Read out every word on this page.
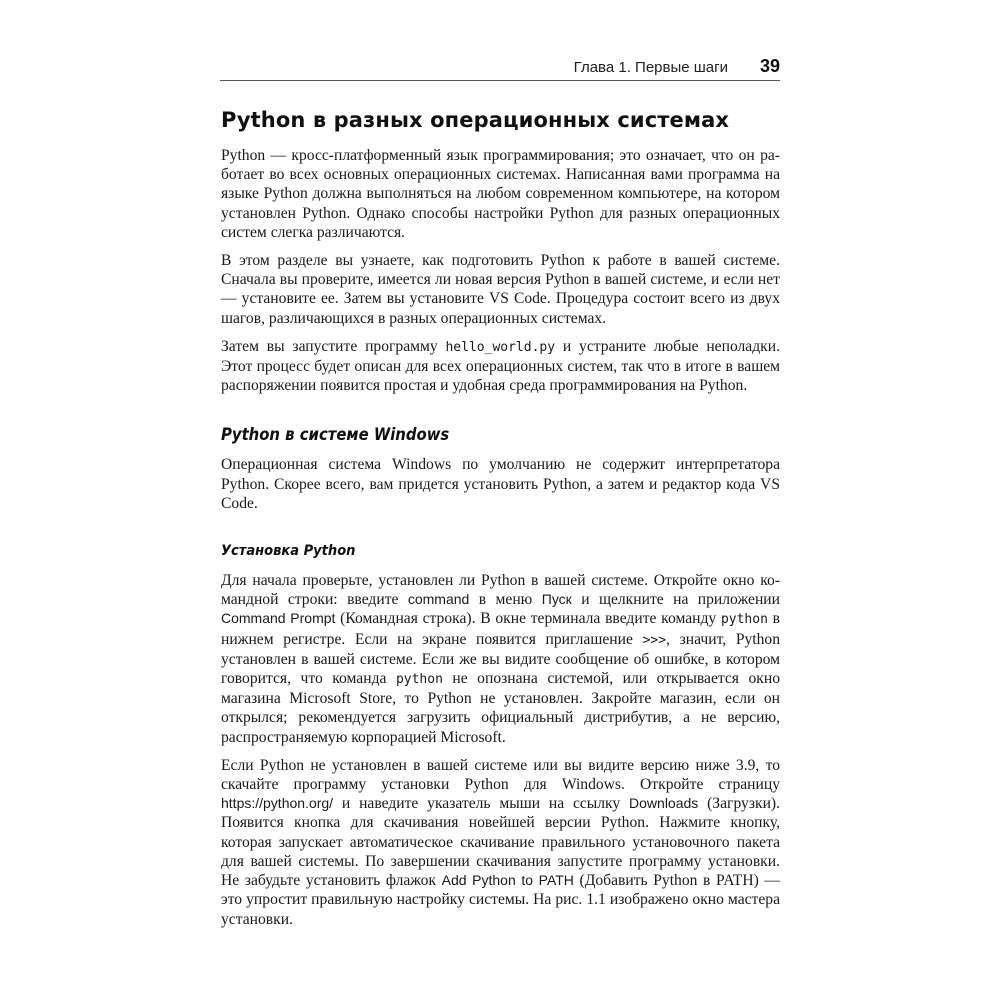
Глава 1. Первые шаги 39
Python в разных операционных системах

Python — кросс-платформенный язык программирования; это означает, что он работает во всех основных операционных системах. Написанная вами программа на языке Python должна выполняться на любом современном компьютере, на котором установлен Python. Однако способы настройки Python для разных операционных систем слегка различаются.

В этом разделе вы узнаете, как подготовить Python к работе в вашей системе. Сначала вы проверите, имеется ли новая версия Python в вашей системе, и если нет — установите ее. Затем вы установите VS Code. Процедура состоит всего из двух шагов, различающихся в разных операционных системах.

Затем вы запустите программу hello_world.py и устраните любые неполадки. Этот процесс будет описан для всех операционных систем, так что в итоге в вашем распоряжении появится простая и удобная среда программирования на Python.

Python в системе Windows

Операционная система Windows по умолчанию не содержит интерпретатора Python. Скорее всего, вам придется установить Python, а затем и редактор кода VS Code.

Установка Python

Для начала проверьте, установлен ли Python в вашей системе. Откройте окно командной строки: введите command в меню Пуск и щелкните на приложении Command Prompt (Командная строка). В окне терминала введите команду python в нижнем регистре. Если на экране появится приглашение >>>, значит, Python установлен в вашей системе. Если же вы видите сообщение об ошибке, в котором говорится, что команда python не опознана системой, или открывается окно магазина Microsoft Store, то Python не установлен. Закройте магазин, если он открылся; рекомендуется загрузить официальный дистрибутив, а не версию, распространяемую корпорацией Microsoft.

Если Python не установлен в вашей системе или вы видите версию ниже 3.9, то скачайте программу установки Python для Windows. Откройте страницу https://python.org/ и наведите указатель мыши на ссылку Downloads (Загрузки). Появится кнопка для скачивания новейшей версии Python. Нажмите кнопку, которая запускает автоматическое скачивание правильного установочного пакета для вашей системы. По завершении скачивания запустите программу установки. Не забудьте установить флажок Add Python to PATH (Добавить Python в PATH) — это упростит правильную настройку системы. На рис. 1.1 изображено окно мастера установки.
